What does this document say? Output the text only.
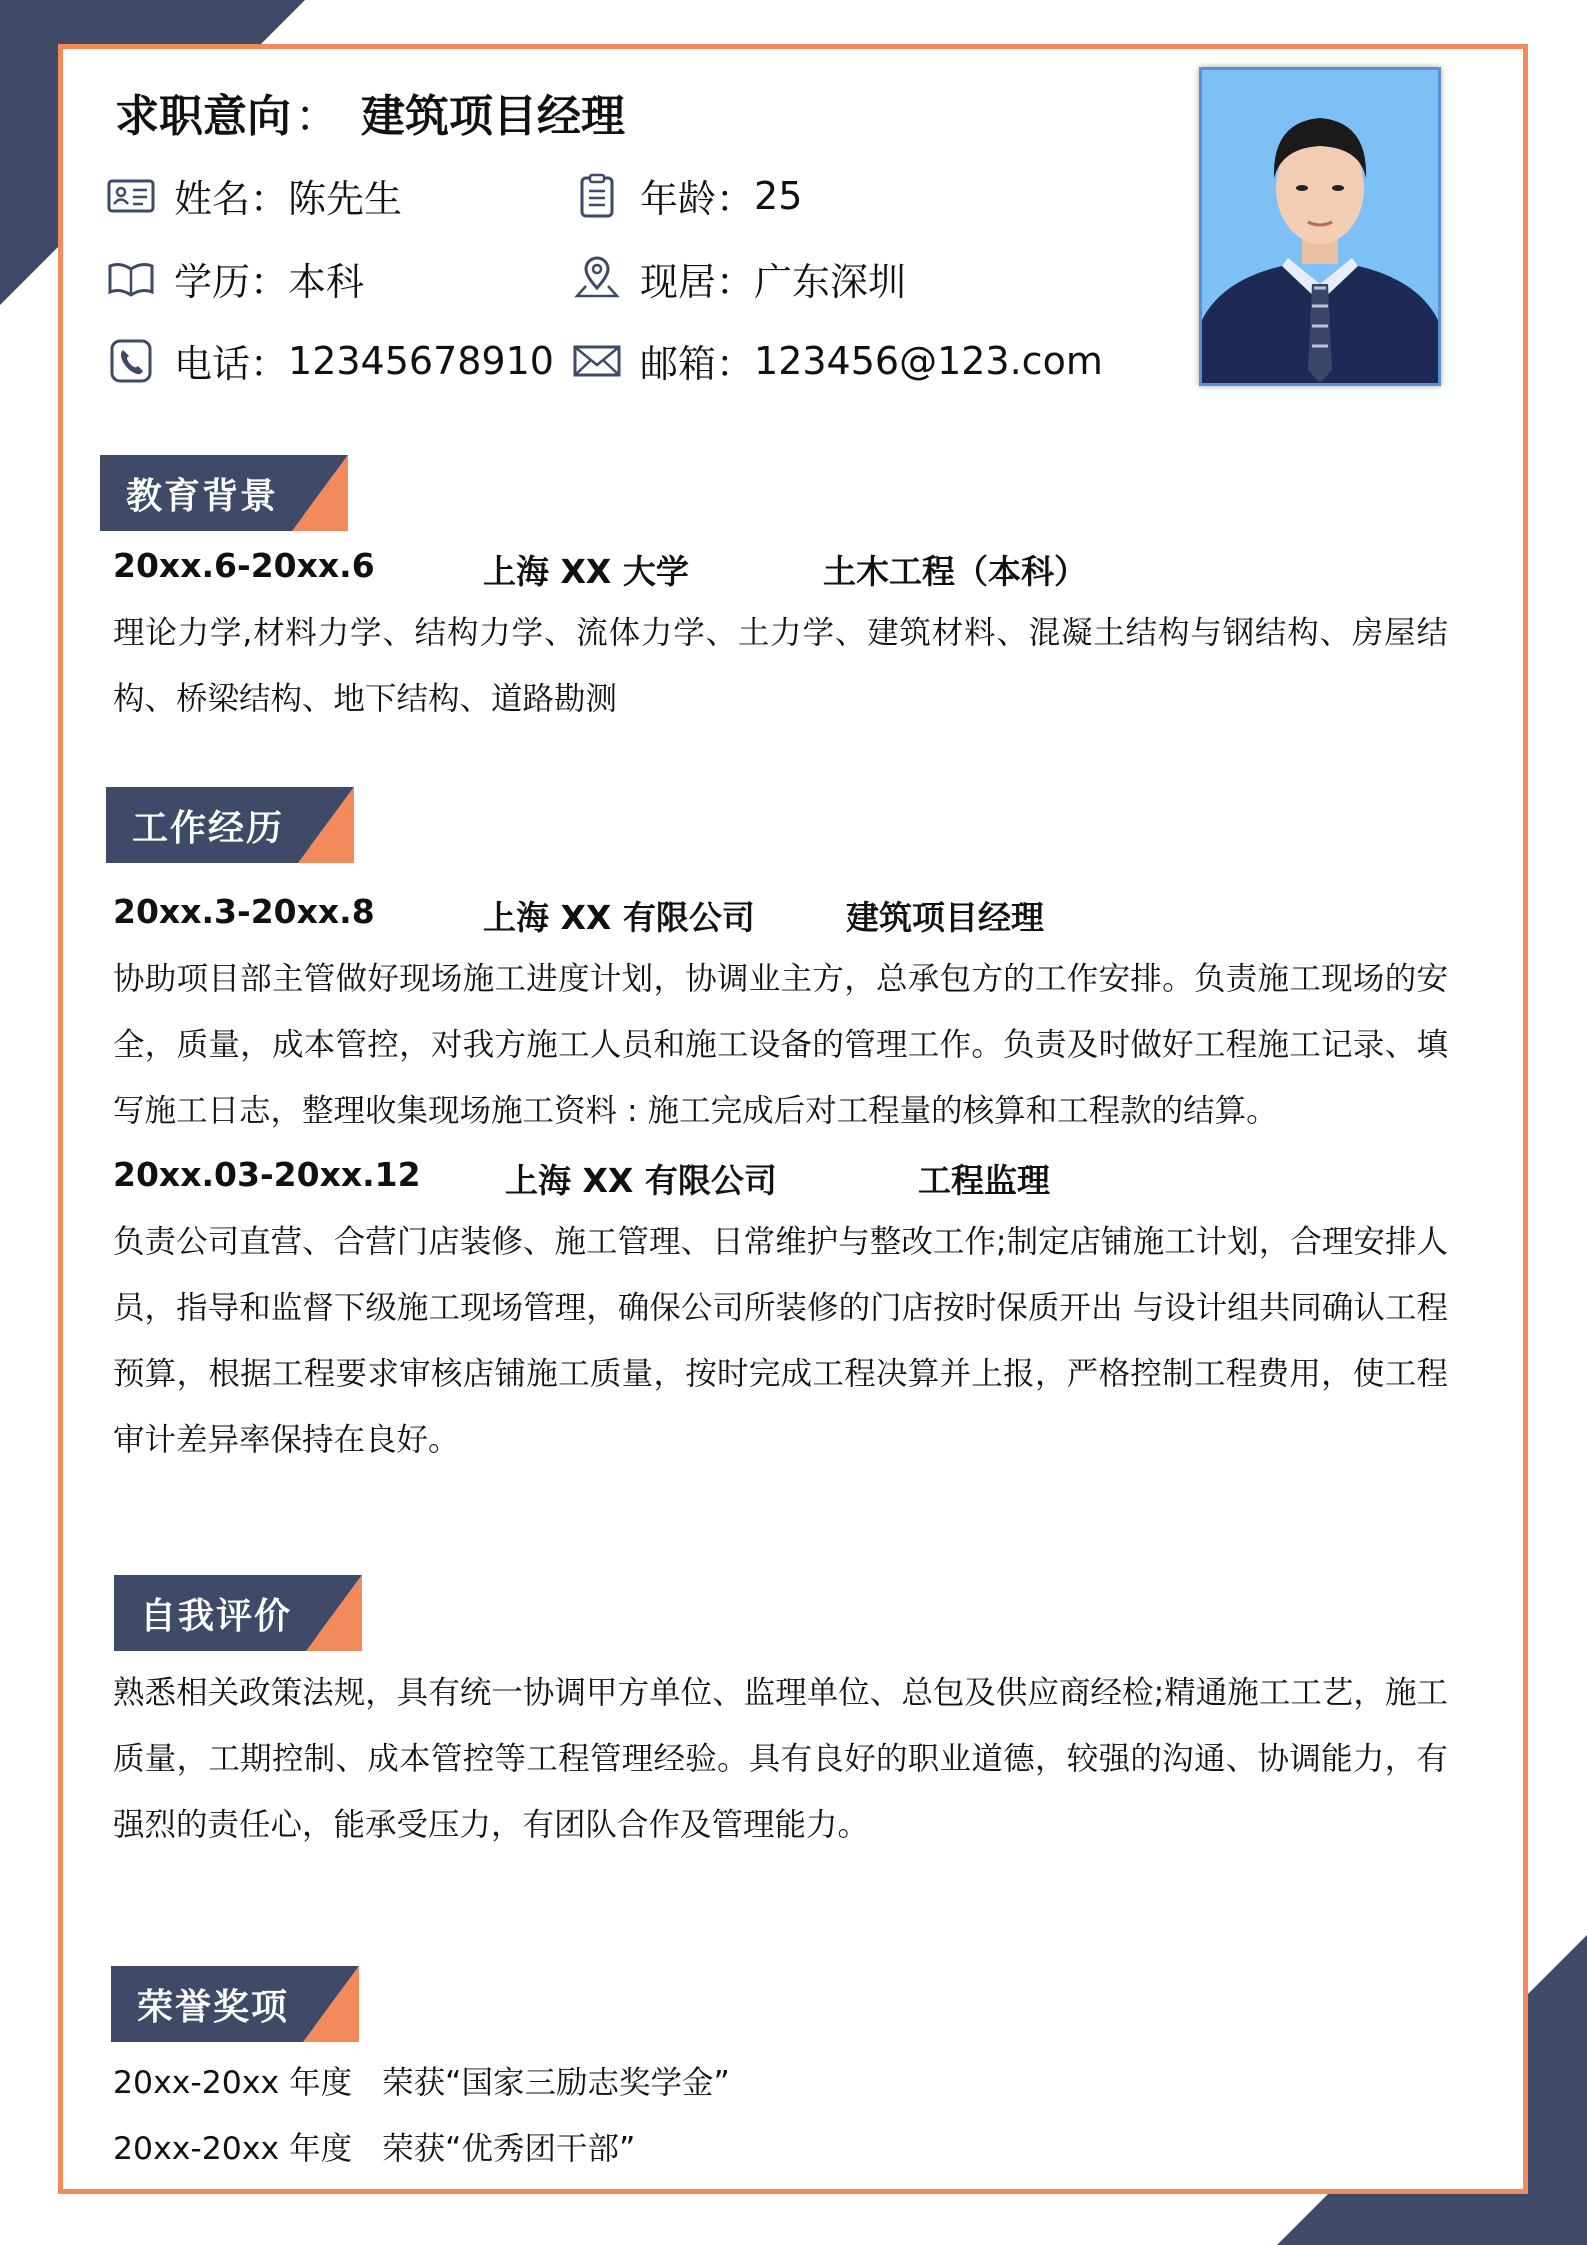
求职意向： 建筑项目经理
姓名： 陈先生	年龄： 25
学历： 本科	现居： 广东深圳
电话： 12345678910 邮箱： 123456@123.com
教育背景
20xx.6-20xx.6	上海 XX 大学	土木工程（本科）
理论力学,材料力学、结构力学、流体力学、土力学、建筑材料、混凝土结构与钢结构、房屋结构、桥梁结构、地下结构、道路勘测
工作经历
20xx.3-20xx.8	上海 XX 有限公司	建筑项目经理
协助项目部主管做好现场施工进度计划，协调业主方，总承包方的工作安排。负责施工现场的安全，质量，成本管控，对我方施工人员和施工设备的管理工作。负责及时做好工程施工记录、填写施工日志，整理收集现场施工资料 : 施工完成后对工程量的核算和工程款的结算。
20xx.03-20xx.12	上海 XX 有限公司	工程监理
负责公司直营、合营门店装修、施工管理、日常维护与整改工作;制定店铺施工计划，合理安排人员，指导和监督下级施工现场管理，确保公司所装修的门店按时保质开出 与设计组共同确认工程预算，根据工程要求审核店铺施工质量，按时完成工程决算并上报，严格控制工程费用，使工程审计差异率保持在良好。
自我评价
熟悉相关政策法规，具有统一协调甲方单位、监理单位、总包及供应商经检;精通施工工艺，施工质量，工期控制、成本管控等工程管理经验。具有良好的职业道德，较强的沟通、协调能力，有强烈的责任心，能承受压力，有团队合作及管理能力。
荣誉奖项
20xx-20xx 年度 荣获“国家三励志奖学金”
20xx-20xx 年度 荣获“优秀团干部”
